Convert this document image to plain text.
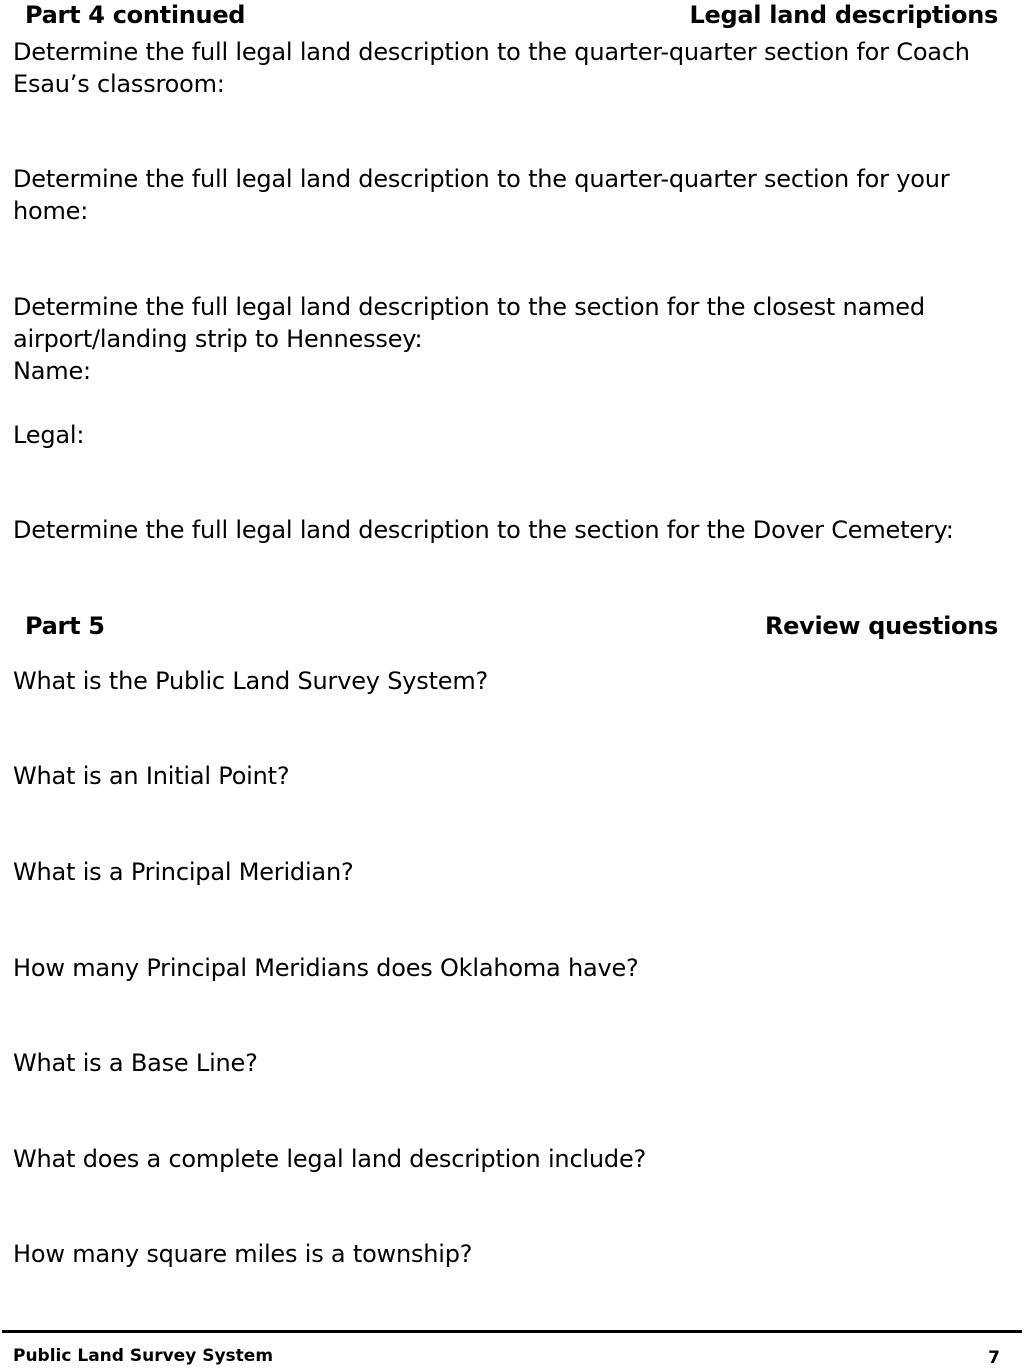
Part 4 continued	Legal land descriptions
Determine the full legal land description to the quarter-quarter section for Coach Esau’s classroom:
Determine the full legal land description to the quarter-quarter section for your home:
Determine the full legal land description to the section for the closest named airport/landing strip to Hennessey:
Name:
Legal:
Determine the full legal land description to the section for the Dover Cemetery:
Part 5	Review questions
What is the Public Land Survey System?
What is an Initial Point?
What is a Principal Meridian?
How many Principal Meridians does Oklahoma have?
What is a Base Line?
What does a complete legal land description include?
How many square miles is a township?
Public Land Survey System	7
